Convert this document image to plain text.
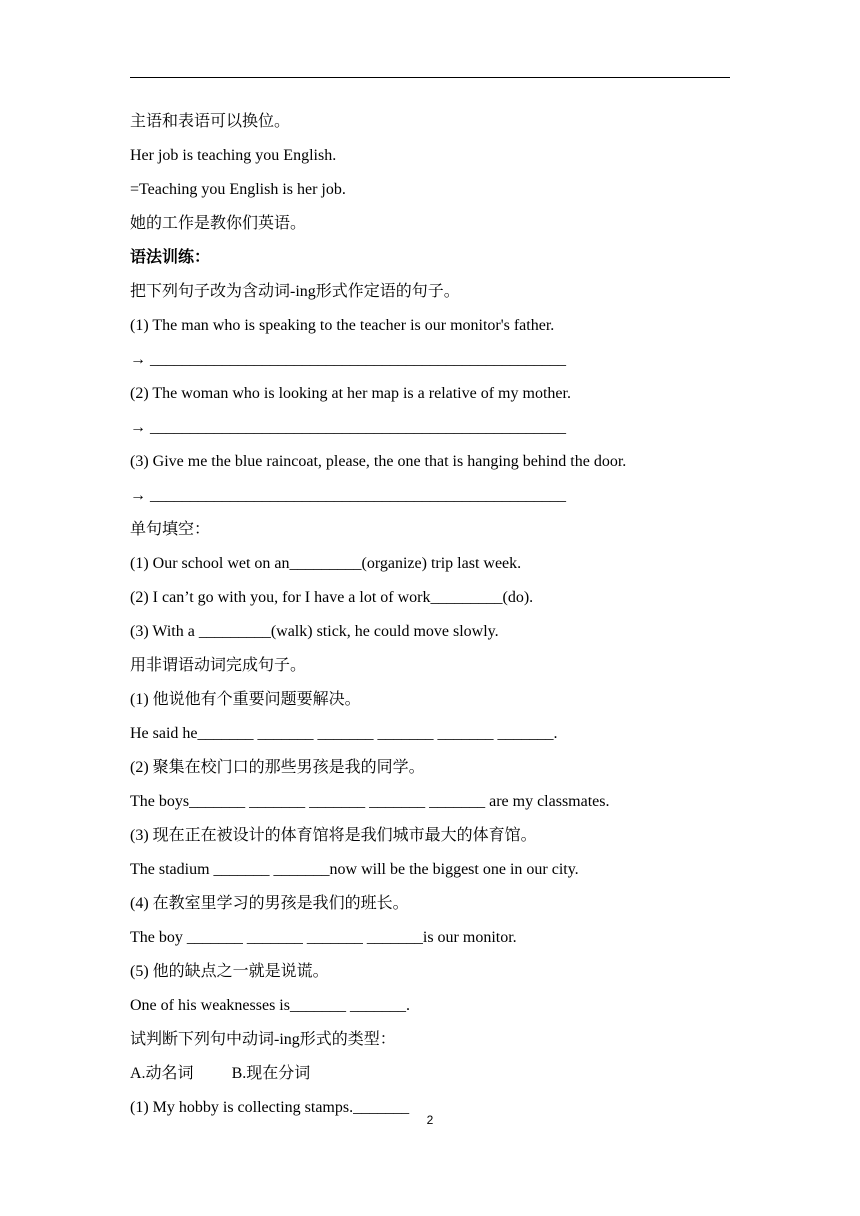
主语和表语可以换位。
Her job is teaching you English.
=Teaching you English is her job.
她的工作是教你们英语。
语法训练：
把下列句子改为含动词-ing形式作定语的句子。
(1) The man who is speaking to the teacher is our monitor's father.
→ ____________________________________________________
(2) The woman who is looking at her map is a relative of my mother.
→ ____________________________________________________
(3) Give me the blue raincoat, please, the one that is hanging behind the door.
→ ____________________________________________________
单句填空：
(1) Our school wet on an_________(organize) trip last week.
(2) I can’t go with you, for I have a lot of work_________(do).
(3) With a _________(walk) stick, he could move slowly.
用非谓语动词完成句子。
(1) 他说他有个重要问题要解决。
He said he_______ _______ _______ _______ _______ _______.
(2) 聚集在校门口的那些男孩是我的同学。
The boys_______ _______ _______ _______ _______ are my classmates.
(3) 现在正在被设计的体育馆将是我们城市最大的体育馆。
The stadium _______ _______now will be the biggest one in our city.
(4) 在教室里学习的男孩是我们的班长。
The boy _______ _______ _______ _______is our monitor.
(5) 他的缺点之一就是说谎。
One of his weaknesses is_______ _______.
试判断下列句中动词-ing形式的类型：
A.动名词 B.现在分词
(1) My hobby is collecting stamps._______
2
